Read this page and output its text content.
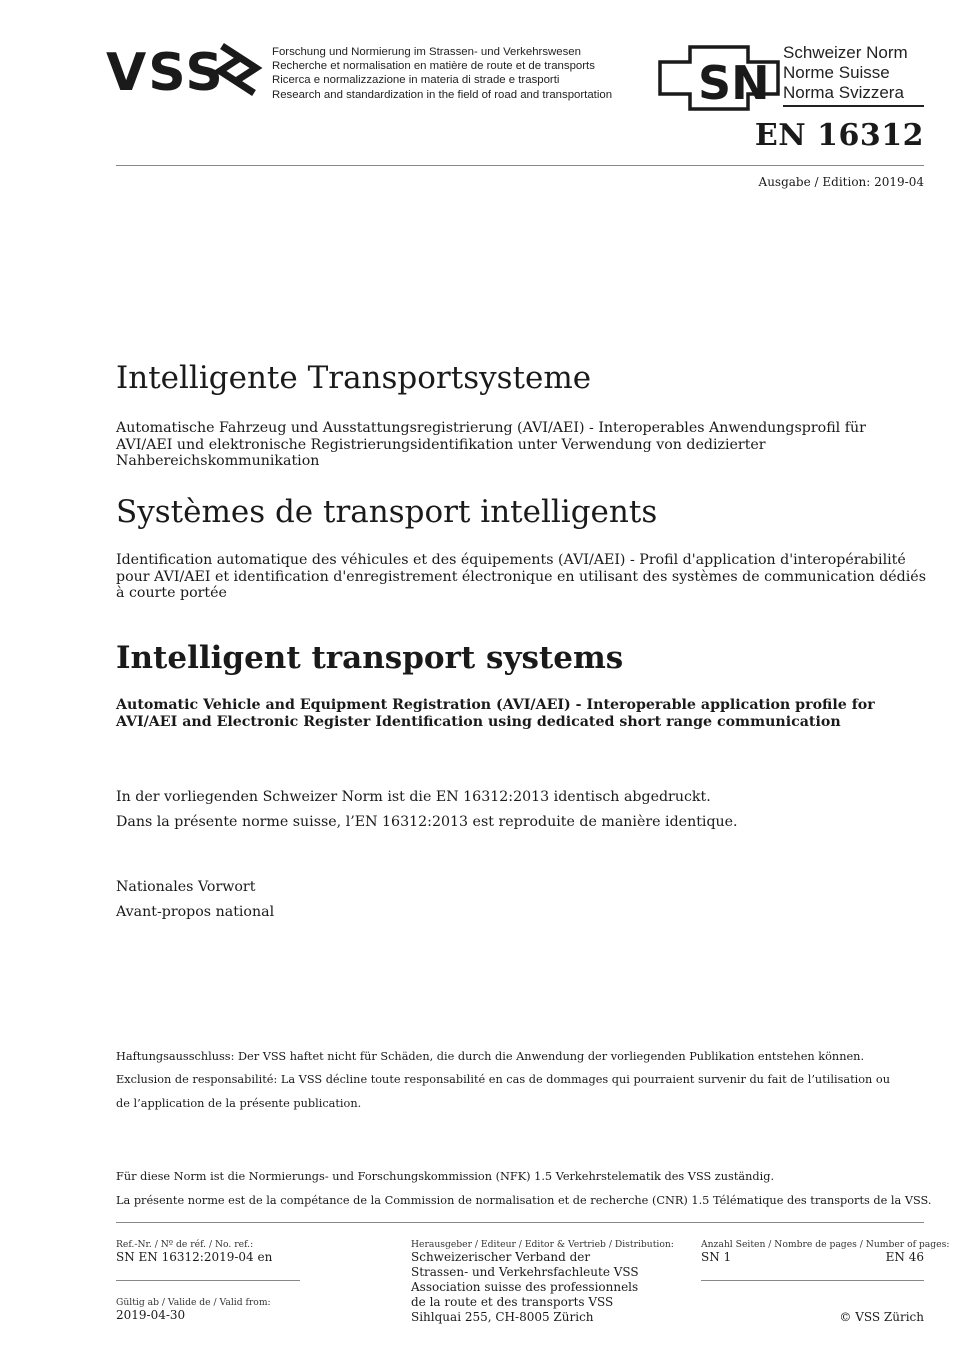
VSS	Forschung und Normierung im Strassen- und Verkehrswesen
Recherche et normalisation en matière de route et de transports
Ricerca e normalizzazione in materia di strade e trasporti
Research and standardization in the field of road and transportation SN
Schweizer Norm
Norme Suisse
Norma Svizzera
EN 16312
Ausgabe / Edition: 2019-04
Intelligente Transportsysteme
Automatische Fahrzeug und Ausstattungsregistrierung (AVI/AEI) - Interoperables Anwendungsprofil für AVI/AEI und elektronische Registrierungsidentifikation unter Verwendung von dedizierter Nahbereichskommunikation
Systèmes de transport intelligents
Identification automatique des véhicules et des équipements (AVI/AEI) - Profil d'application d'interopérabilité pour AVI/AEI et identification d'enregistrement électronique en utilisant des systèmes de communication dédiés à courte portée
Intelligent transport systems
Automatic Vehicle and Equipment Registration (AVI/AEI) - Interoperable application profile for AVI/AEI and Electronic Register Identification using dedicated short range communication
In der vorliegenden Schweizer Norm ist die EN 16312:2013 identisch abgedruckt.
Dans la présente norme suisse, l’EN 16312:2013 est reproduite de manière identique.
Nationales Vorwort
Avant-propos national
Haftungsausschluss: Der VSS haftet nicht für Schäden, die durch die Anwendung der vorliegenden Publikation entstehen können.
Exclusion de responsabilité: La VSS décline toute responsabilité en cas de dommages qui pourraient survenir du fait de l’utilisation ou
de l’application de la présente publication.
Für diese Norm ist die Normierungs- und Forschungskommission (NFK) 1.5 Verkehrstelematik des VSS zuständig.
La présente norme est de la compétance de la Commission de normalisation et de recherche (CNR) 1.5 Télématique des transports de la VSS.
Ref.-Nr. / Nº de réf. / No. ref.:
SN EN 16312:2019-04 en
Gültig ab / Valide de / Valid from:
2019-04-30
Herausgeber / Editeur / Editor & Vertrieb / Distribution:
Schweizerischer Verband der
Strassen- und Verkehrsfachleute VSS
Association suisse des professionnels
de la route et des transports VSS
Sihlquai 255, CH-8005 Zürich
Anzahl Seiten / Nombre de pages / Number of pages:
SN 1	EN 46
© VSS Zürich
